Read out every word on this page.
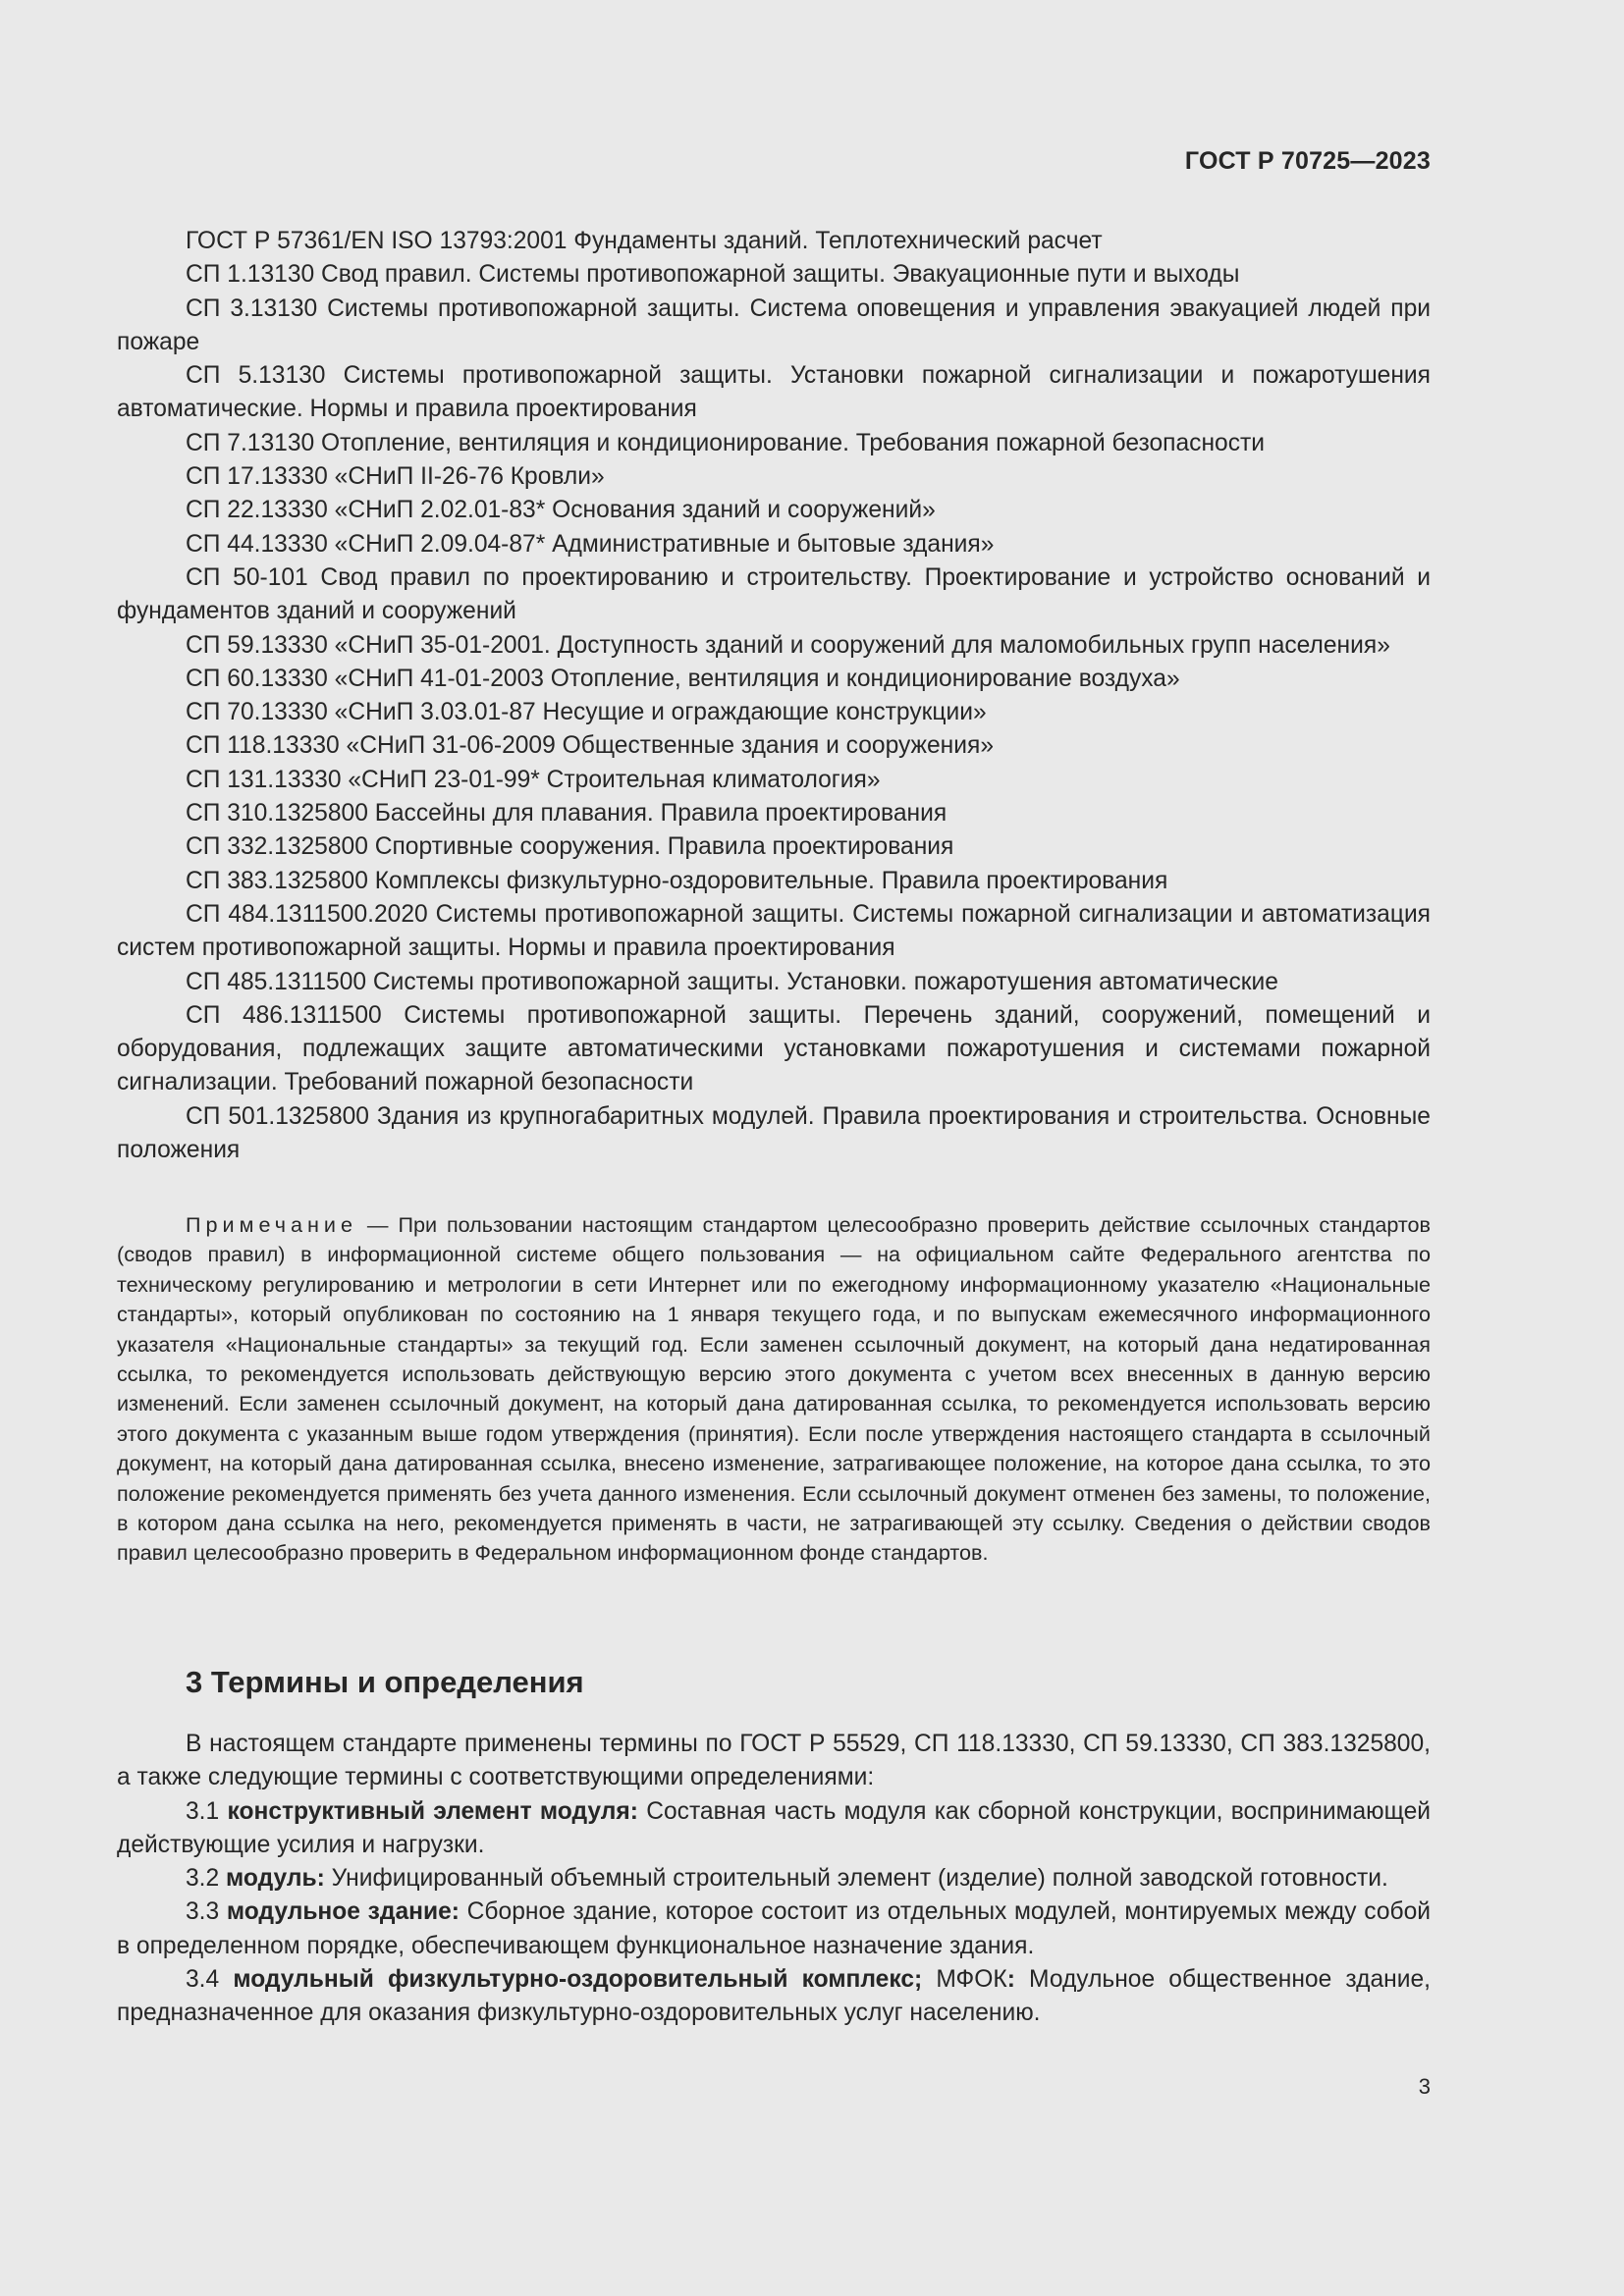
ГОСТ Р 70725—2023

ГОСТ Р 57361/EN ISO 13793:2001 Фундаменты зданий. Теплотехнический расчет

СП 1.13130 Свод правил. Системы противопожарной защиты. Эвакуационные пути и выходы

СП 3.13130 Системы противопожарной защиты. Система оповещения и управления эвакуацией людей при пожаре

СП 5.13130 Системы противопожарной защиты. Установки пожарной сигнализации и пожаротушения автоматические. Нормы и правила проектирования

СП 7.13130 Отопление, вентиляция и кондиционирование. Требования пожарной безопасности

СП 17.13330 «СНиП II-26-76 Кровли»

СП 22.13330 «СНиП 2.02.01-83* Основания зданий и сооружений»

СП 44.13330 «СНиП 2.09.04-87* Административные и бытовые здания»

СП 50-101 Свод правил по проектированию и строительству. Проектирование и устройство оснований и фундаментов зданий и сооружений

СП 59.13330 «СНиП 35-01-2001. Доступность зданий и сооружений для маломобильных групп населения»

СП 60.13330 «СНиП 41-01-2003 Отопление, вентиляция и кондиционирование воздуха»

СП 70.13330 «СНиП 3.03.01-87 Несущие и ограждающие конструкции»

СП 118.13330 «СНиП 31-06-2009 Общественные здания и сооружения»

СП 131.13330 «СНиП 23-01-99* Строительная климатология»

СП 310.1325800 Бассейны для плавания. Правила проектирования

СП 332.1325800 Спортивные сооружения. Правила проектирования

СП 383.1325800 Комплексы физкультурно-оздоровительные. Правила проектирования

СП 484.1311500.2020 Системы противопожарной защиты. Системы пожарной сигнализации и автоматизация систем противопожарной защиты. Нормы и правила проектирования

СП 485.1311500 Системы противопожарной защиты. Установки. пожаротушения автоматические

СП 486.1311500 Системы противопожарной защиты. Перечень зданий, сооружений, помещений и оборудования, подлежащих защите автоматическими установками пожаротушения и системами пожарной сигнализации. Требований пожарной безопасности

СП 501.1325800 Здания из крупногабаритных модулей. Правила проектирования и строительства. Основные положения

Примечание — При пользовании настоящим стандартом целесообразно проверить действие ссылочных стандартов (сводов правил) в информационной системе общего пользования — на официальном сайте Федерального агентства по техническому регулированию и метрологии в сети Интернет или по ежегодному информационному указателю «Национальные стандарты», который опубликован по состоянию на 1 января текущего года, и по выпускам ежемесячного информационного указателя «Национальные стандарты» за текущий год. Если заменен ссылочный документ, на который дана недатированная ссылка, то рекомендуется использовать действующую версию этого документа с учетом всех внесенных в данную версию изменений. Если заменен ссылочный документ, на который дана датированная ссылка, то рекомендуется использовать версию этого документа с указанным выше годом утверждения (принятия). Если после утверждения настоящего стандарта в ссылочный документ, на который дана датированная ссылка, внесено изменение, затрагивающее положение, на которое дана ссылка, то это положение рекомендуется применять без учета данного изменения. Если ссылочный документ отменен без замены, то положение, в котором дана ссылка на него, рекомендуется применять в части, не затрагивающей эту ссылку. Сведения о действии сводов правил целесообразно проверить в Федеральном информационном фонде стандартов.

3 Термины и определения

В настоящем стандарте применены термины по ГОСТ Р 55529, СП 118.13330, СП 59.13330, СП 383.1325800, а также следующие термины с соответствующими определениями:

3.1 конструктивный элемент модуля: Составная часть модуля как сборной конструкции, воспринимающей действующие усилия и нагрузки.

3.2 модуль: Унифицированный объемный строительный элемент (изделие) полной заводской готовности.

3.3 модульное здание: Сборное здание, которое состоит из отдельных модулей, монтируемых между собой в определенном порядке, обеспечивающем функциональное назначение здания.

3.4 модульный физкультурно-оздоровительный комплекс; МФОК: Модульное общественное здание, предназначенное для оказания физкультурно-оздоровительных услуг населению.

3
